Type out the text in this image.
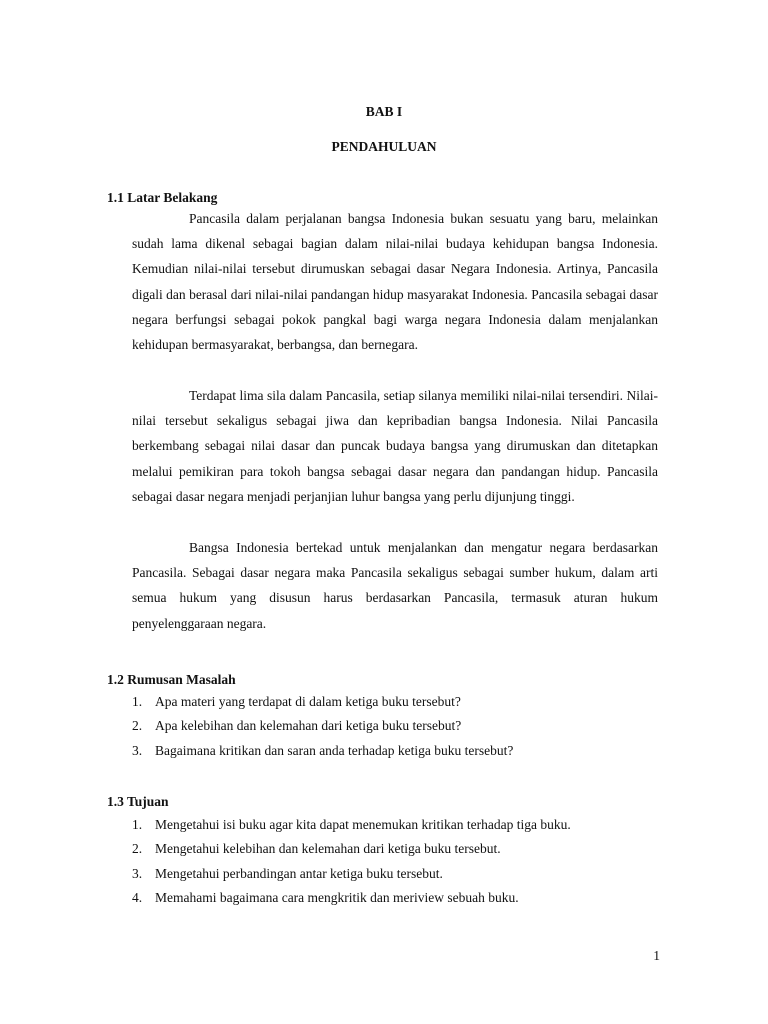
BAB I
PENDAHULUAN
1.1 Latar Belakang

Pancasila dalam perjalanan bangsa Indonesia bukan sesuatu yang baru, melainkan sudah lama dikenal sebagai bagian dalam nilai-nilai budaya kehidupan bangsa Indonesia. Kemudian nilai-nilai tersebut dirumuskan sebagai dasar Negara Indonesia. Artinya, Pancasila digali dan berasal dari nilai-nilai pandangan hidup masyarakat Indonesia. Pancasila sebagai dasar negara berfungsi sebagai pokok pangkal bagi warga negara Indonesia dalam menjalankan kehidupan bermasyarakat, berbangsa, dan bernegara.

Terdapat lima sila dalam Pancasila, setiap silanya memiliki nilai-nilai tersendiri. Nilai-nilai tersebut sekaligus sebagai jiwa dan kepribadian bangsa Indonesia. Nilai Pancasila berkembang sebagai nilai dasar dan puncak budaya bangsa yang dirumuskan dan ditetapkan melalui pemikiran para tokoh bangsa sebagai dasar negara dan pandangan hidup. Pancasila sebagai dasar negara menjadi perjanjian luhur bangsa yang perlu dijunjung tinggi.

Bangsa Indonesia bertekad untuk menjalankan dan mengatur negara berdasarkan Pancasila. Sebagai dasar negara maka Pancasila sekaligus sebagai sumber hukum, dalam arti semua hukum yang disusun harus berdasarkan Pancasila, termasuk aturan hukum penyelenggaraan negara.

1.2 Rumusan Masalah
1. Apa materi yang terdapat di dalam ketiga buku tersebut?
2. Apa kelebihan dan kelemahan dari ketiga buku tersebut?
3. Bagaimana kritikan dan saran anda terhadap ketiga buku tersebut?
1.3 Tujuan
1. Mengetahui isi buku agar kita dapat menemukan kritikan terhadap tiga buku.
2. Mengetahui kelebihan dan kelemahan dari ketiga buku tersebut.
3. Mengetahui perbandingan antar ketiga buku tersebut.
4. Memahami bagaimana cara mengkritik dan meriview sebuah buku.
1
